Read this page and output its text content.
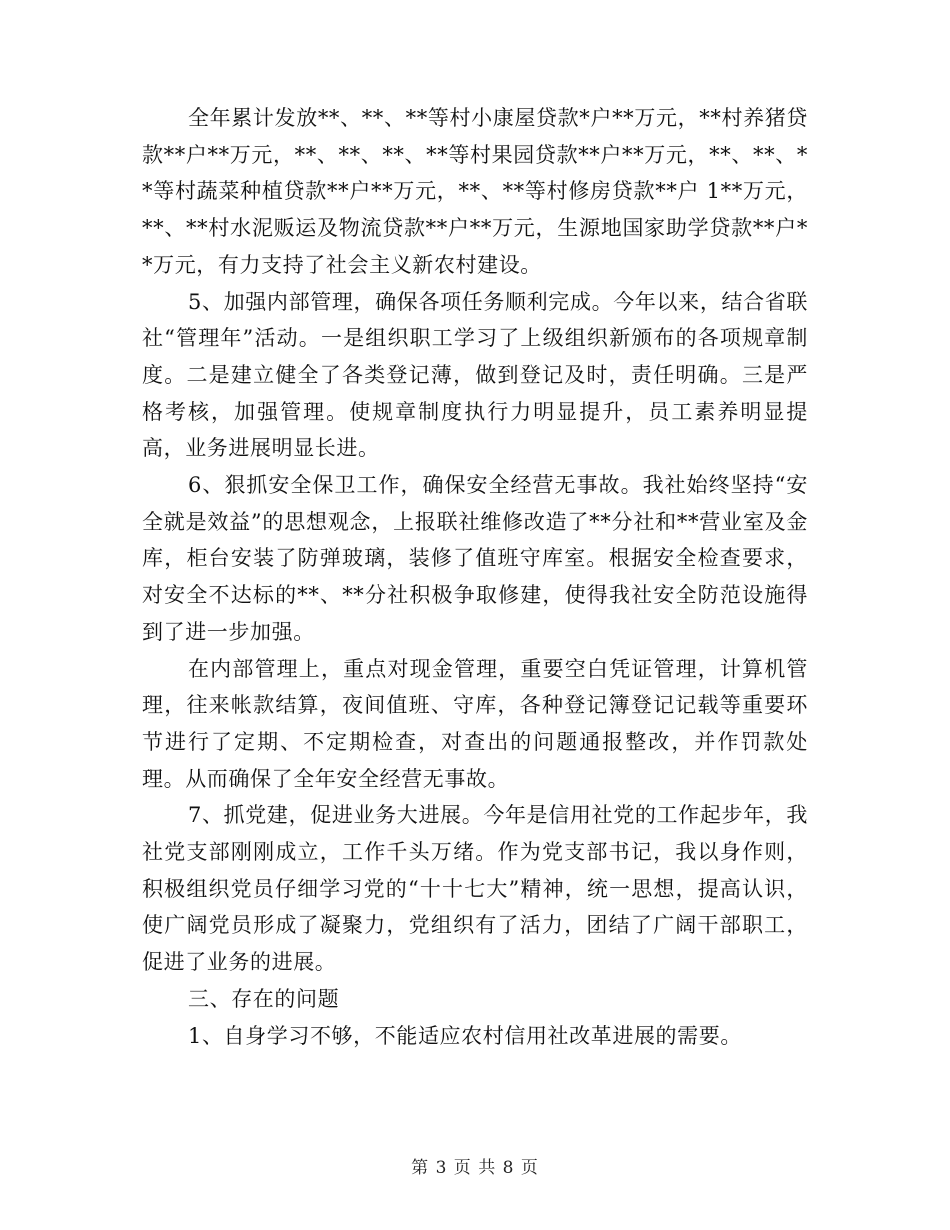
全年累计发放**、**、**等村小康屋贷款*户**万元，**村养猪贷款**户**万元，**、**、**、**等村果园贷款**户**万元，**、**、**等村蔬菜种植贷款**户**万元，**、**等村修房贷款**户 1**万元，**、**村水泥贩运及物流贷款**户**万元，生源地国家助学贷款**户**万元，有力支持了社会主义新农村建设。

5、加强内部管理，确保各项任务顺利完成。今年以来，结合省联社“管理年”活动。一是组织职工学习了上级组织新颁布的各项规章制度。二是建立健全了各类登记薄，做到登记及时，责任明确。三是严格考核，加强管理。使规章制度执行力明显提升，员工素养明显提高，业务进展明显长进。

6、狠抓安全保卫工作，确保安全经营无事故。我社始终坚持“安全就是效益”的思想观念，上报联社维修改造了**分社和**营业室及金库，柜台安装了防弹玻璃，装修了值班守库室。根据安全检查要求，对安全不达标的**、**分社积极争取修建，使得我社安全防范设施得到了进一步加强。

在内部管理上，重点对现金管理，重要空白凭证管理，计算机管理，往来帐款结算，夜间值班、守库，各种登记簿登记记载等重要环节进行了定期、不定期检查，对查出的问题通报整改，并作罚款处理。从而确保了全年安全经营无事故。

7、抓党建，促进业务大进展。今年是信用社党的工作起步年，我社党支部刚刚成立，工作千头万绪。作为党支部书记，我以身作则，积极组织党员仔细学习党的“十十七大”精神，统一思想，提高认识，使广阔党员形成了凝聚力，党组织有了活力，团结了广阔干部职工，促进了业务的进展。

三、存在的问题

1、自身学习不够，不能适应农村信用社改革进展的需要。

第 3 页 共 8 页
